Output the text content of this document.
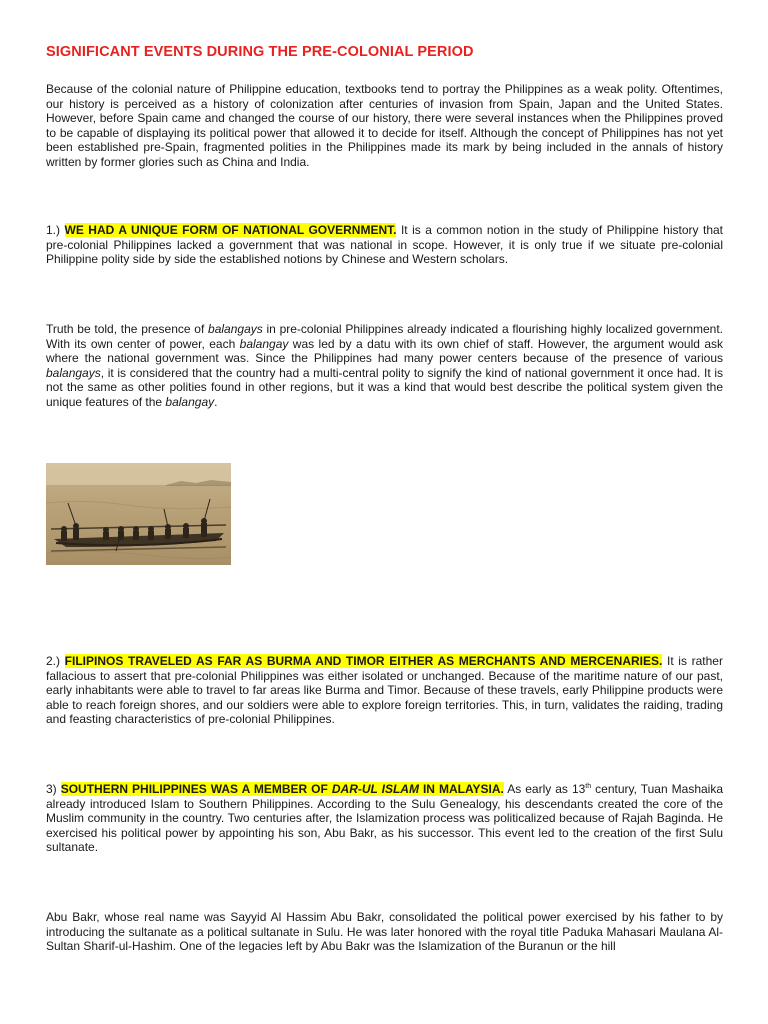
SIGNIFICANT EVENTS DURING THE PRE-COLONIAL PERIOD

Because of the colonial nature of Philippine education, textbooks tend to portray the Philippines as a weak polity. Oftentimes, our history is perceived as a history of colonization after centuries of invasion from Spain, Japan and the United States. However, before Spain came and changed the course of our history, there were several instances when the Philippines proved to be capable of displaying its political power that allowed it to decide for itself. Although the concept of Philippines has not yet been established pre-Spain, fragmented polities in the Philippines made its mark by being included in the annals of history written by former glories such as China and India.

1.) WE HAD A UNIQUE FORM OF NATIONAL GOVERNMENT. It is a common notion in the study of Philippine history that pre-colonial Philippines lacked a government that was national in scope. However, it is only true if we situate pre-colonial Philippine polity side by side the established notions by Chinese and Western scholars.

Truth be told, the presence of balangays in pre-colonial Philippines already indicated a flourishing highly localized government. With its own center of power, each balangay was led by a datu with its own chief of staff. However, the argument would ask where the national government was. Since the Philippines had many power centers because of the presence of various balangays, it is considered that the country had a multi-central polity to signify the kind of national government it once had. It is not the same as other polities found in other regions, but it was a kind that would best describe the political system given the unique features of the balangay.

2.) FILIPINOS TRAVELED AS FAR AS BURMA AND TIMOR EITHER AS MERCHANTS AND MERCENARIES. It is rather fallacious to assert that pre-colonial Philippines was either isolated or unchanged. Because of the maritime nature of our past, early inhabitants were able to travel to far areas like Burma and Timor. Because of these travels, early Philippine products were able to reach foreign shores, and our soldiers were able to explore foreign territories. This, in turn, validates the raiding, trading and feasting characteristics of pre-colonial Philippines.

3) SOUTHERN PHILIPPINES WAS A MEMBER OF DAR-UL ISLAM IN MALAYSIA. As early as 13th century, Tuan Mashaika already introduced Islam to Southern Philippines. According to the Sulu Genealogy, his descendants created the core of the Muslim community in the country. Two centuries after, the Islamization process was politicalized because of Rajah Baginda. He exercised his political power by appointing his son, Abu Bakr, as his successor. This event led to the creation of the first Sulu sultanate.

Abu Bakr, whose real name was Sayyid Al Hassim Abu Bakr, consolidated the political power exercised by his father to by introducing the sultanate as a political sultanate in Sulu. He was later honored with the royal title Paduka Mahasari Maulana Al-Sultan Sharif-ul-Hashim. One of the legacies left by Abu Bakr was the Islamization of the Buranun or the hill
